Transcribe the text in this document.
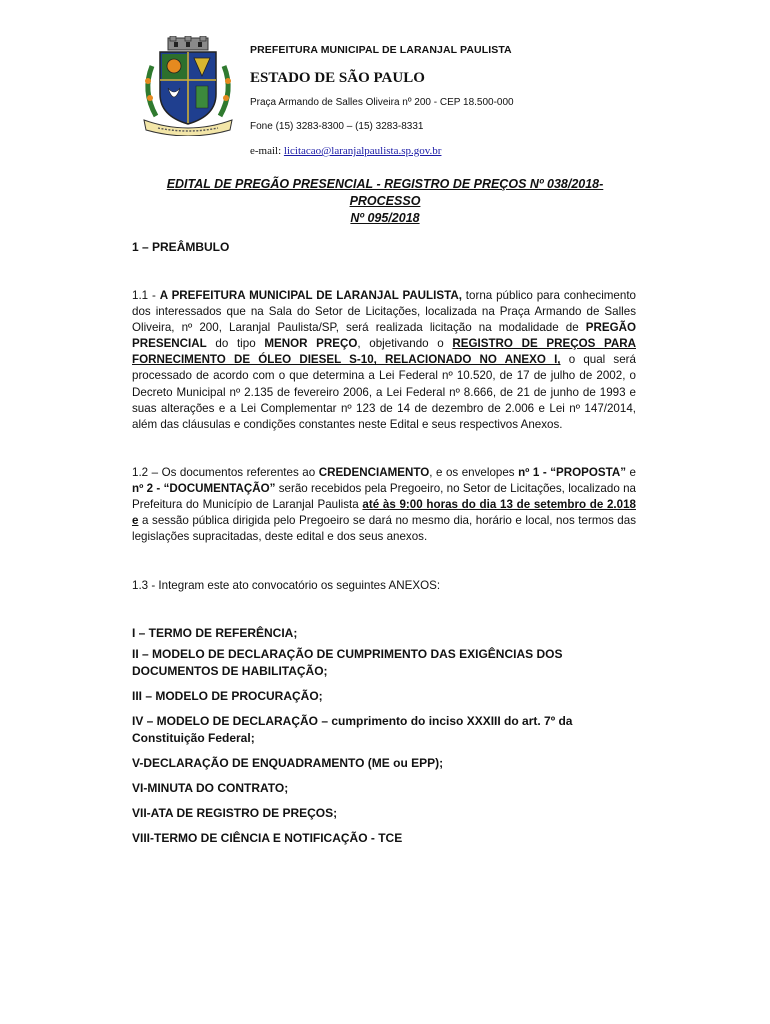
PREFEITURA MUNICIPAL DE LARANJAL PAULISTA
ESTADO DE SÃO PAULO
Praça Armando de Salles Oliveira nº 200 - CEP 18.500-000
Fone (15) 3283-8300 – (15) 3283-8331
e-mail: licitacao@laranjalpaulista.sp.gov.br
EDITAL DE PREGÃO PRESENCIAL - REGISTRO DE PREÇOS Nº 038/2018-PROCESSO
Nº 095/2018
1 – PREÂMBULO
1.1 - A PREFEITURA MUNICIPAL DE LARANJAL PAULISTA, torna público para conhecimento dos interessados que na Sala do Setor de Licitações, localizada na Praça Armando de Salles Oliveira, nº 200, Laranjal Paulista/SP, será realizada licitação na modalidade de PREGÃO PRESENCIAL do tipo MENOR PREÇO, objetivando o REGISTRO DE PREÇOS PARA FORNECIMENTO DE ÓLEO DIESEL S-10, RELACIONADO NO ANEXO I, o qual será processado de acordo com o que determina a Lei Federal nº 10.520, de 17 de julho de 2002, o Decreto Municipal nº 2.135 de fevereiro 2006, a Lei Federal nº 8.666, de 21 de junho de 1993 e suas alterações e a Lei Complementar nº 123 de 14 de dezembro de 2.006 e Lei nº 147/2014, além das cláusulas e condições constantes neste Edital e seus respectivos Anexos.
1.2 – Os documentos referentes ao CREDENCIAMENTO, e os envelopes nº 1 - “PROPOSTA” e nº 2 - “DOCUMENTAÇÃO” serão recebidos pela Pregoeiro, no Setor de Licitações, localizado na Prefeitura do Município de Laranjal Paulista até às 9:00 horas do dia 13 de setembro de 2.018 e a sessão pública dirigida pelo Pregoeiro se dará no mesmo dia, horário e local, nos termos das legislações supracitadas, deste edital e dos seus anexos.
1.3 - Integram este ato convocatório os seguintes ANEXOS:
I – TERMO DE REFERÊNCIA;
II – MODELO DE DECLARAÇÃO DE CUMPRIMENTO DAS EXIGÊNCIAS DOS DOCUMENTOS DE HABILITAÇÃO;
III – MODELO DE PROCURAÇÃO;
IV – MODELO DE DECLARAÇÃO – cumprimento do inciso XXXIII do art. 7º da Constituição Federal;
V-DECLARAÇÃO DE ENQUADRAMENTO (ME ou EPP);
VI-MINUTA DO CONTRATO;
VII-ATA DE REGISTRO DE PREÇOS;
VIII-TERMO DE CIÊNCIA E NOTIFICAÇÃO - TCE
